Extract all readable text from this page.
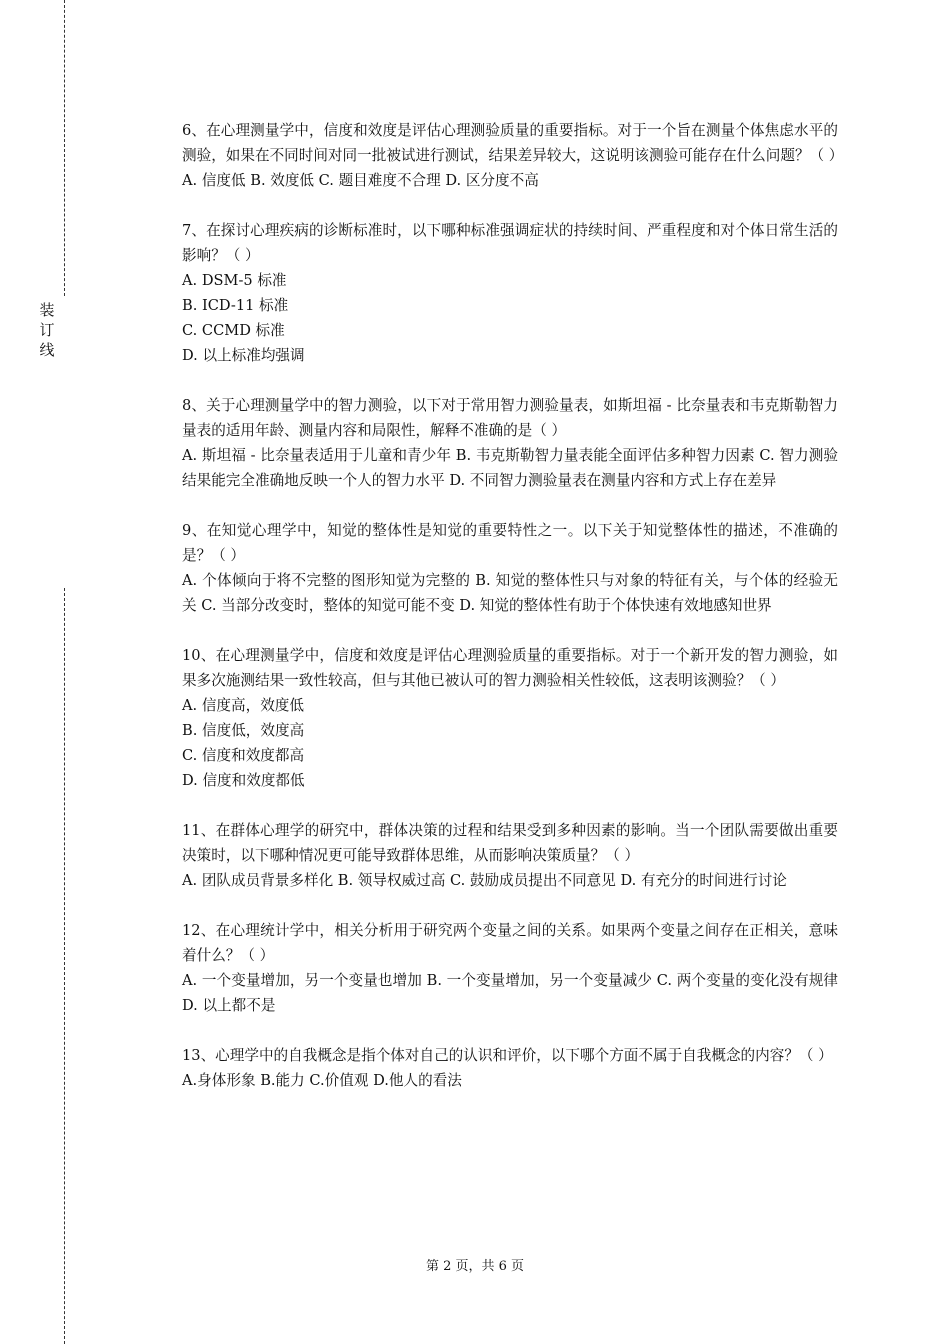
装订线

6、在心理测量学中，信度和效度是评估心理测验质量的重要指标。对于一个旨在测量个体焦虑水平的测验，如果在不同时间对同一批被试进行测试，结果差异较大，这说明该测验可能存在什么问题？（ ）

A. 信度低 B. 效度低 C. 题目难度不合理 D. 区分度不高

7、在探讨心理疾病的诊断标准时，以下哪种标准强调症状的持续时间、严重程度和对个体日常生活的影响？（ ）

A. DSM-5 标准

B. ICD-11 标准

C. CCMD 标准

D. 以上标准均强调

8、关于心理测量学中的智力测验，以下对于常用智力测验量表，如斯坦福 - 比奈量表和韦克斯勒智力量表的适用年龄、测量内容和局限性，解释不准确的是（ ）

A. 斯坦福 - 比奈量表适用于儿童和青少年 B. 韦克斯勒智力量表能全面评估多种智力因素 C. 智力测验结果能完全准确地反映一个人的智力水平 D. 不同智力测验量表在测量内容和方式上存在差异

9、在知觉心理学中，知觉的整体性是知觉的重要特性之一。以下关于知觉整体性的描述，不准确的是？（ ）

A. 个体倾向于将不完整的图形知觉为完整的 B. 知觉的整体性只与对象的特征有关，与个体的经验无关 C. 当部分改变时，整体的知觉可能不变 D. 知觉的整体性有助于个体快速有效地感知世界

10、在心理测量学中，信度和效度是评估心理测验质量的重要指标。对于一个新开发的智力测验，如果多次施测结果一致性较高，但与其他已被认可的智力测验相关性较低，这表明该测验？（ ）

A. 信度高，效度低

B. 信度低，效度高

C. 信度和效度都高

D. 信度和效度都低

11、在群体心理学的研究中，群体决策的过程和结果受到多种因素的影响。当一个团队需要做出重要决策时，以下哪种情况更可能导致群体思维，从而影响决策质量？（ ）

A. 团队成员背景多样化 B. 领导权威过高 C. 鼓励成员提出不同意见 D. 有充分的时间进行讨论

12、在心理统计学中，相关分析用于研究两个变量之间的关系。如果两个变量之间存在正相关，意味着什么？（ ）

A. 一个变量增加，另一个变量也增加 B. 一个变量增加，另一个变量减少 C. 两个变量的变化没有规律 D. 以上都不是

13、心理学中的自我概念是指个体对自己的认识和评价，以下哪个方面不属于自我概念的内容？（ ）

A.身体形象 B.能力 C.价值观 D.他人的看法

第 2 页，共 6 页
